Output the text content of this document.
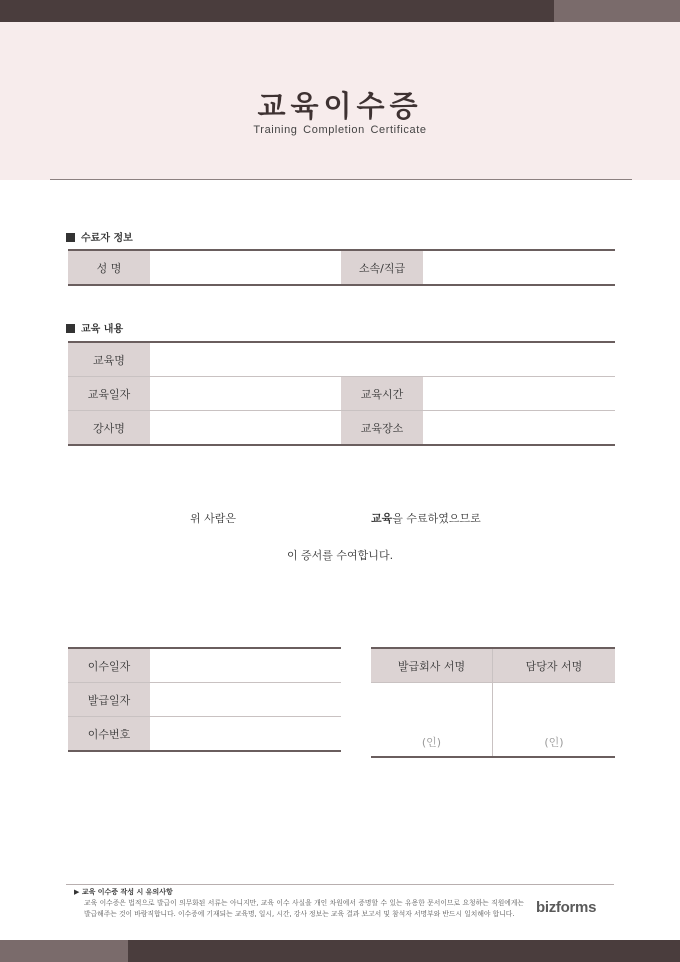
교육이수증
Training Completion Certificate
수료자 정보
성 명		소속/직급	
교육 내용
교육명			
교육일자		교육시간	
강사명		교육장소	
위 사람은	교육을 수료하였으므로
이 증서를 수여합니다.
이수일자	
발급일자	
이수번호	
발급회사 서명	담당자 서명
(인)	(인)
▶ 교육 이수증 작성 시 유의사항
교육 이수증은 법적으로 발급이 의무화된 서류는 아니지만, 교육 이수 사실을 개인 차원에서 증명할 수 있는 유용한 문서이므로 요청하는 직원에게는 발급해주는 것이 바람직합니다. 이수증에 기재되는 교육명, 일시, 시간, 강사 정보는 교육 결과 보고서 및 참석자 서명부와 반드시 일치해야 합니다.	bizforms
